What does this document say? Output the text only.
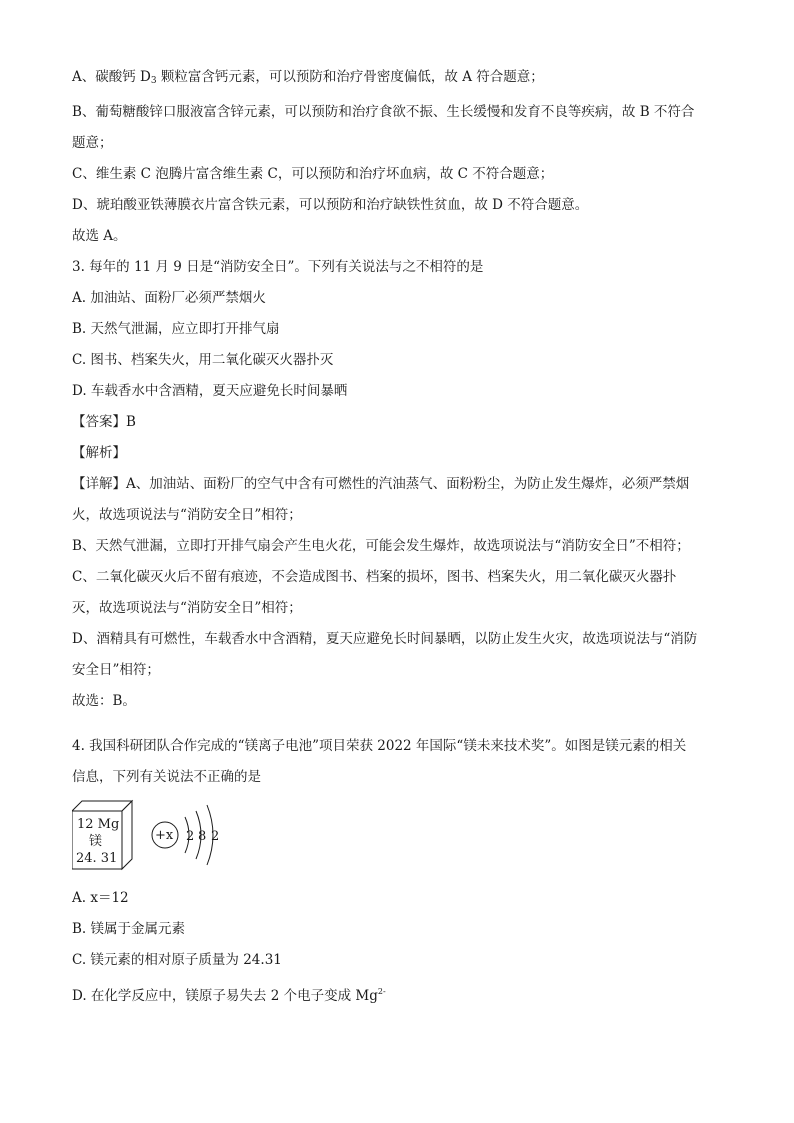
A、碳酸钙 $D_3$ 颗粒富含钙元素，可以预防和治疗骨密度偏低，故 A 符合题意；
B、葡萄糖酸锌口服液富含锌元素，可以预防和治疗食欲不振、生长缓慢和发育不良等疾病，故 B 不符合
题意；
C、维生素 C 泡腾片富含维生素 C，可以预防和治疗坏血病，故 C 不符合题意；
D、琥珀酸亚铁薄膜衣片富含铁元素，可以预防和治疗缺铁性贫血，故 D 不符合题意。
故选 A。
3. 每年的 11 月 9 日是“消防安全日”。下列有关说法与之不相符的是
A. 加油站、面粉厂必须严禁烟火
B. 天然气泄漏，应立即打开排气扇
C. 图书、档案失火，用二氧化碳灭火器扑灭
D. 车载香水中含酒精，夏天应避免长时间暴晒
【答案】B
【解析】
【详解】A、加油站、面粉厂的空气中含有可燃性的汽油蒸气、面粉粉尘，为防止发生爆炸，必须严禁烟
火，故选项说法与“消防安全日”相符；
B、天然气泄漏，立即打开排气扇会产生电火花，可能会发生爆炸，故选项说法与“消防安全日”不相符；
C、二氧化碳灭火后不留有痕迹，不会造成图书、档案的损坏，图书、档案失火，用二氧化碳灭火器扑
灭，故选项说法与“消防安全日”相符；
D、酒精具有可燃性，车载香水中含酒精，夏天应避免长时间暴晒，以防止发生火灾，故选项说法与“消防
安全日”相符；
故选：B。
4. 我国科研团队合作完成的“镁离子电池”项目荣获 2022 年国际“镁未来技术奖”。如图是镁元素的相关
信息，下列有关说法不正确的是
12 Mg
镁
24. 31
+x 2 8 2
A. x＝12
B. 镁属于金属元素
C. 镁元素的相对原子质量为 24.31
D. 在化学反应中，镁原子易失去 2 个电子变成 $Mg^{2-}$
